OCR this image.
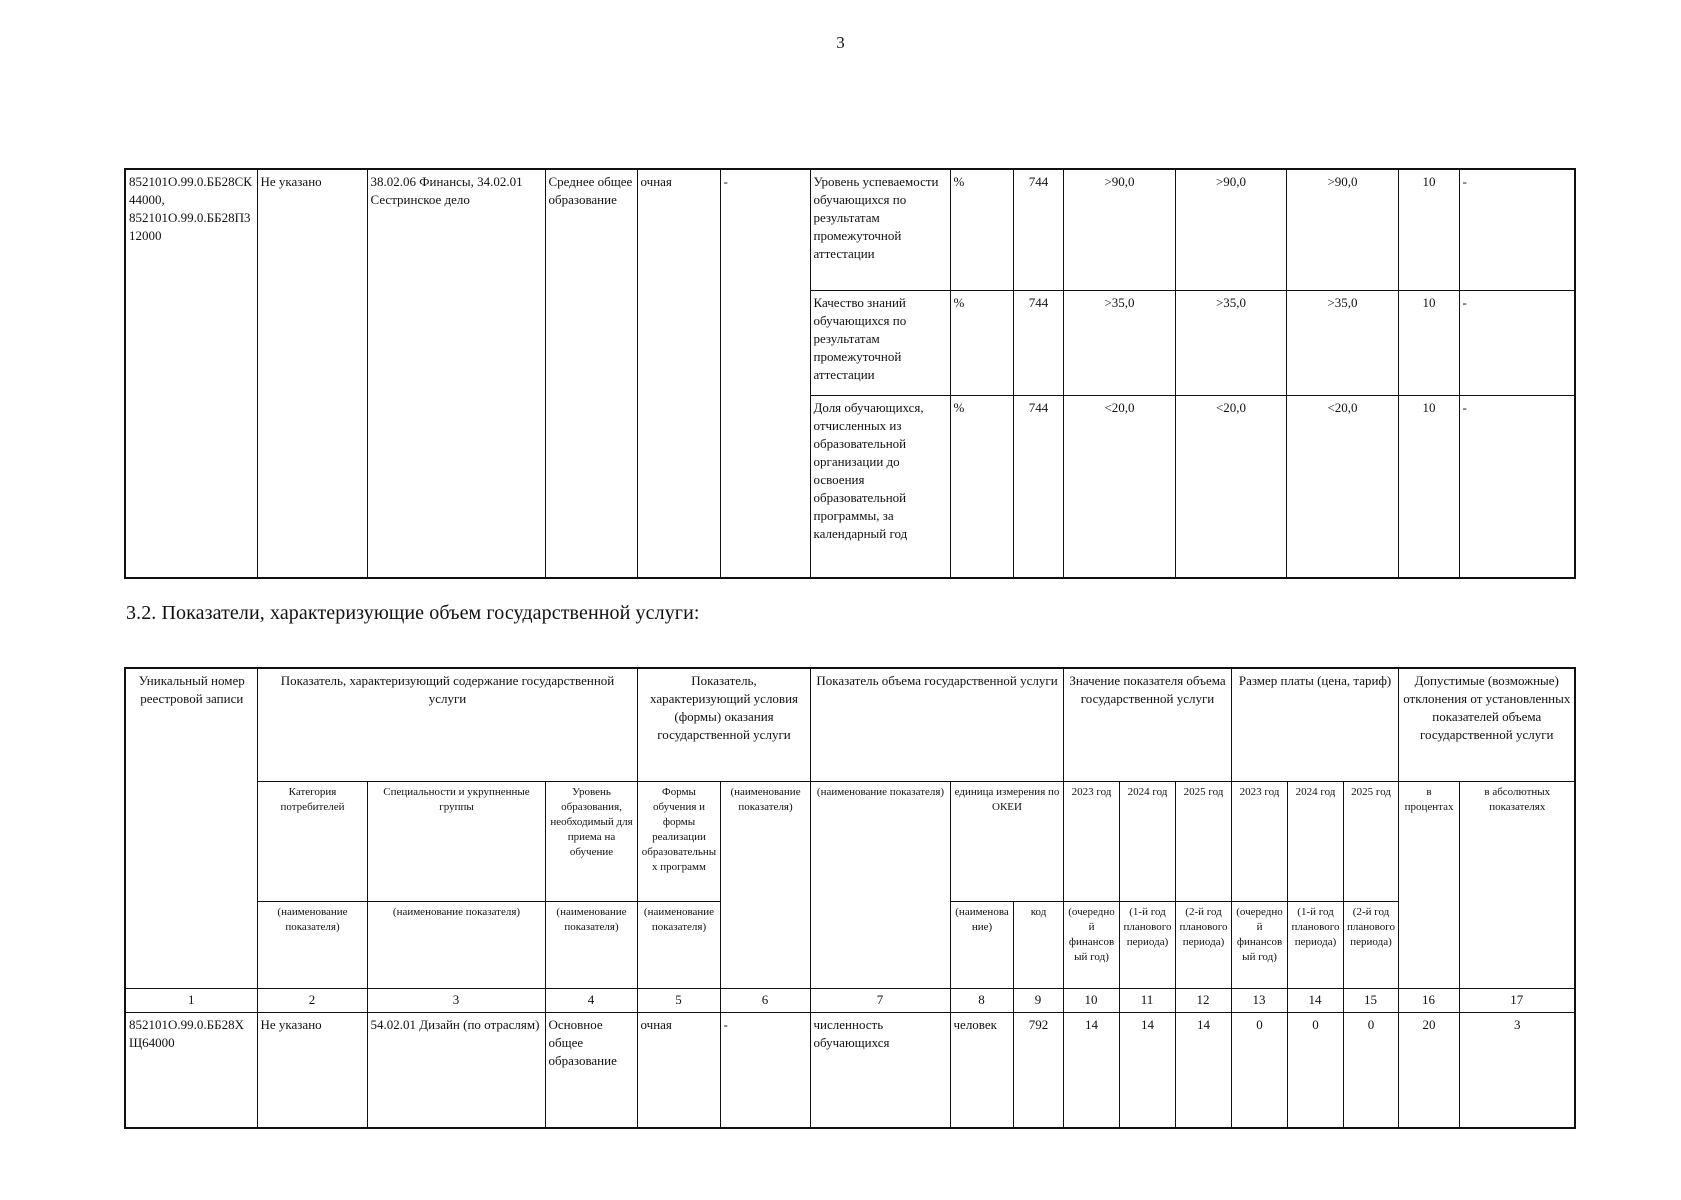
3
852101О.99.0.ББ28СК44000, 852101О.99.0.ББ28П312000	Не указано	38.02.06 Финансы, 34.02.01 Сестринское дело	Среднее общее образование	очная	-	Уровень успеваемости обучающихся по результатам промежуточной аттестации	%	744	>90,0	>90,0	>90,0	10	-
						Качество знаний обучающихся по результатам промежуточной аттестации	%	744	>35,0	>35,0	>35,0	10	-
						Доля обучающихся, отчисленных из образовательной организации до освоения образовательной программы, за календарный год	%	744	<20,0	<20,0	<20,0	10	-
3.2. Показатели, характеризующие объем государственной услуги:
Уникальный номер реестровой записи	Показатель, характеризующий содержание государственной услуги			Показатель, характеризующий условия (формы) оказания государственной услуги		Показатель объема государственной услуги			Значение показателя объема государственной услуги			Размер платы (цена, тариф)			Допустимые (возможные) отклонения от установленных показателей объема государственной услуги	
	Категория потребителей	Специальности и укрупненные группы	Уровень образования, необходимый для приема на обучение	Формы обучения и формы реализации образовательных программ	(наименование показателя)	(наименование показателя)	единица измерения по ОКЕИ		2023 год	2024 год	2025 год	2023 год	2024 год	2025 год	в процентах	в абсолютных показателях
	(наименование показателя)	(наименование показателя)	(наименование показателя)	(наименование показателя)			(наименование)	код	(очередной финансовый год)	(1-й год планового периода)	(2-й год планового периода)	(очередной финансовый год)	(1-й год планового периода)	(2-й год планового периода)		
1	2	3	4	5	6	7	8	9	10	11	12	13	14	15	16	17
852101О.99.0.ББ28ХЩ64000	Не указано	54.02.01 Дизайн (по отраслям)	Основное общее образование	очная	-	численность обучающихся	человек	792	14	14	14	0	0	0	20	3
